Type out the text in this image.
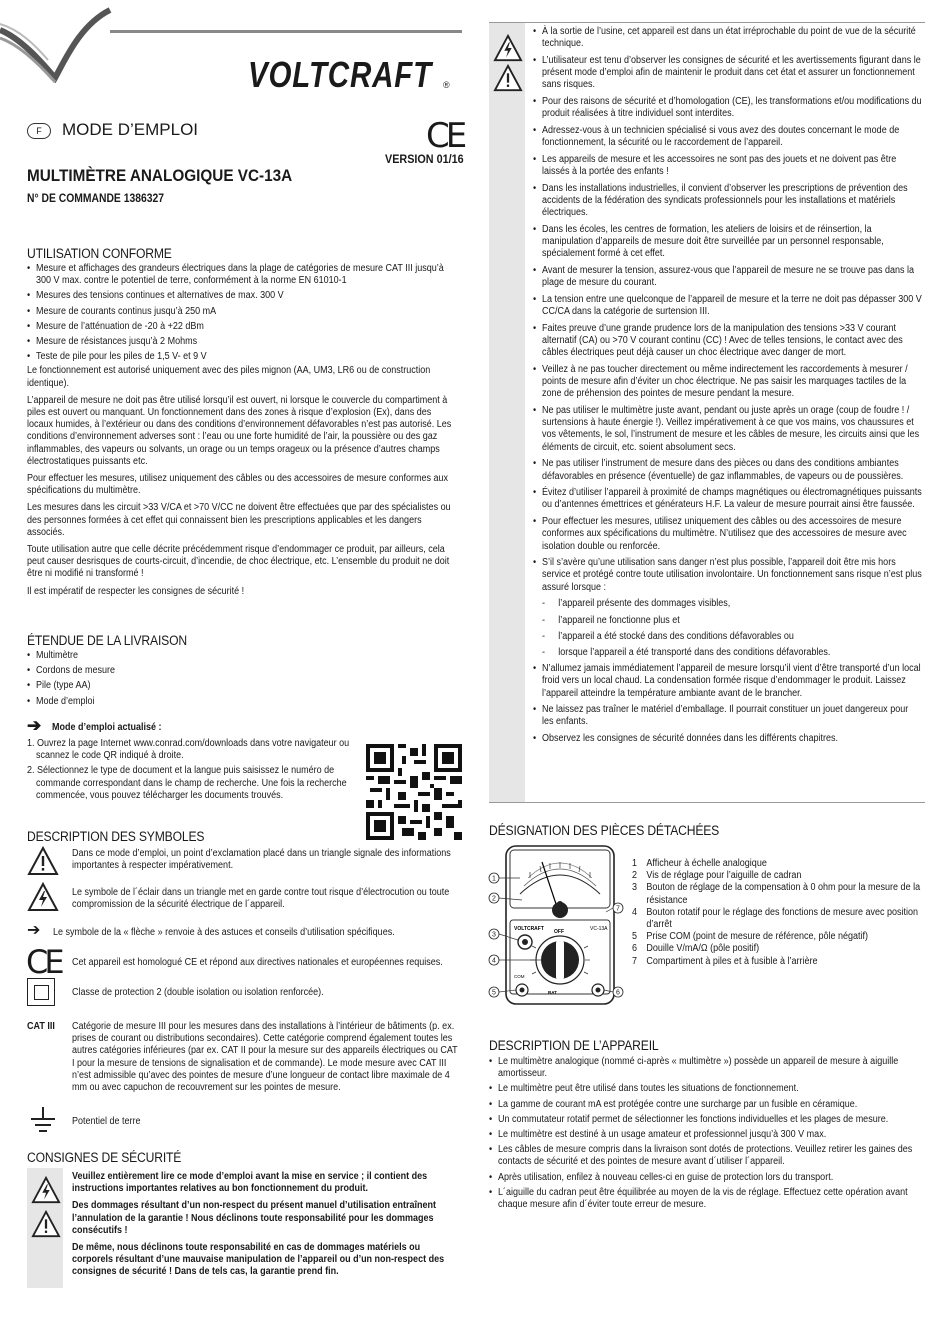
VOLTCRAFT ®
F	MODE D’EMPLOI	CE
VERSION 01/16
MULTIMÈTRE ANALOGIQUE VC-13A
N° DE COMMANDE 1386327
UTILISATION CONFORME
• Mesure et affichages des grandeurs électriques dans la plage de catégories de mesure CAT III jusqu’à 300 V max. contre le potentiel de terre, conformément à la norme EN 61010-1
• Mesures des tensions continues et alternatives de max. 300 V
• Mesure de courants continus jusqu’à 250 mA
• Mesure de l’atténuation de -20 à +22 dBm
• Mesure de résistances jusqu’à 2 Mohms
• Teste de pile pour les piles de 1,5 V- et 9 V

Le fonctionnement est autorisé uniquement avec des piles mignon (AA, UM3, LR6 ou de construction identique).

L’appareil de mesure ne doit pas être utilisé lorsqu’il est ouvert, ni lorsque le couvercle du compartiment à piles est ouvert ou manquant. Un fonctionnement dans des zones à risque d’explosion (Ex), dans des locaux humides, à l’extérieur ou dans des conditions d’environnement défavorables n’est pas autorisé. Les conditions d’environnement adverses sont : l’eau ou une forte humidité de l’air, la poussière ou des gaz inflammables, des vapeurs ou solvants, un orage ou un temps orageux ou la présence d’autres champs électrostatiques puissants etc.

Pour effectuer les mesures, utilisez uniquement des câbles ou des accessoires de mesure conformes aux spécifications du multimètre.

Les mesures dans les circuit >33 V/CA et >70 V/CC ne doivent être effectuées que par des spécialistes ou des personnes formées à cet effet qui connaissent bien les prescriptions applicables et les dangers associés.

Toute utilisation autre que celle décrite précédemment risque d’endommager ce produit, par ailleurs, cela peut causer desrisques de courts-circuit, d’incendie, de choc électrique, etc. L’ensemble du produit ne doit être ni modifié ni transformé !

Il est impératif de respecter les consignes de sécurité !

ÉTENDUE DE LA LIVRAISON
• Multimètre
• Cordons de mesure
• Pile (type AA)
• Mode d’emploi
➔ Mode d’emploi actualisé :

1. Ouvrez la page Internet www.conrad.com/downloads dans votre navigateur ou scannez le code QR indiqué à droite.

2. Sélectionnez le type de document et la langue puis saisissez le numéro de commande correspondant dans le champ de recherche. Une fois la recherche commencée, vous pouvez télécharger les documents trouvés.

DESCRIPTION DES SYMBOLES

Dans ce mode d’emploi, un point d’exclamation placé dans un triangle signale des informations importantes à respecter impérativement.

Le symbole de l´éclair dans un triangle met en garde contre tout risque d’électrocution ou toute compromission de la sécurité électrique de l´appareil.

➔ Le symbole de la « flèche » renvoie à des astuces et conseils d’utilisation spécifiques.

CE Cet appareil est homologué CE et répond aux directives nationales et européennes requises.

Classe de protection 2 (double isolation ou isolation renforcée).

CAT III	Catégorie de mesure III pour les mesures dans des installations à l’intérieur de bâtiments (p. ex. prises de courant ou distributions secondaires). Cette catégorie comprend également toutes les autres catégories inférieures (par ex. CAT II pour la mesure sur des appareils électriques ou CAT I pour la mesure de tensions de signalisation et de commande). Le mode mesure avec CAT III n’est admissible qu’avec des pointes de mesure d’une longueur de contact libre maximale de 4 mm ou avec capuchon de recouvrement sur les pointes de mesure.

Potentiel de terre

CONSIGNES DE SÉCURITÉ

Veuillez entièrement lire ce mode d’emploi avant la mise en service ; il contient des instructions importantes relatives au bon fonctionnement du produit.

Des dommages résultant d’un non-respect du présent manuel d’utilisation entraînent l’annulation de la garantie ! Nous déclinons toute responsabilité pour les dommages consécutifs !

De même, nous déclinons toute responsabilité en cas de dommages matériels ou corporels résultant d’une mauvaise manipulation de l’appareil ou d’un non-respect des consignes de sécurité ! Dans de tels cas, la garantie prend fin.

• À la sortie de l’usine, cet appareil est dans un état irréprochable du point de vue de la sécurité technique.
• L’utilisateur est tenu d’observer les consignes de sécurité et les avertissements figurant dans le présent mode d’emploi afin de maintenir le produit dans cet état et assurer un fonctionnement sans risques.
• Pour des raisons de sécurité et d’homologation (CE), les transformations et/ou modifications du produit réalisées à titre individuel sont interdites.
• Adressez-vous à un technicien spécialisé si vous avez des doutes concernant le mode de fonctionnement, la sécurité ou le raccordement de l’appareil.
• Les appareils de mesure et les accessoires ne sont pas des jouets et ne doivent pas être laissés à la portée des enfants !
• Dans les installations industrielles, il convient d’observer les prescriptions de prévention des accidents de la fédération des syndicats professionnels pour les installations et matériels électriques.
• Dans les écoles, les centres de formation, les ateliers de loisirs et de réinsertion, la manipulation d’appareils de mesure doit être surveillée par un personnel responsable, spécialement formé à cet effet.
• Avant de mesurer la tension, assurez-vous que l’appareil de mesure ne se trouve pas dans la plage de mesure du courant.
• La tension entre une quelconque de l’appareil de mesure et la terre ne doit pas dépasser 300 V CC/CA dans la catégorie de surtension III.
• Faites preuve d’une grande prudence lors de la manipulation des tensions >33 V courant alternatif (CA) ou >70 V courant continu (CC) ! Avec de telles tensions, le contact avec des câbles électriques peut déjà causer un choc électrique avec danger de mort.
• Veillez à ne pas toucher directement ou même indirectement les raccordements à mesurer / points de mesure afin d’éviter un choc électrique. Ne pas saisir les marquages tactiles de la zone de préhension des pointes de mesure pendant la mesure.
• Ne pas utiliser le multimètre juste avant, pendant ou juste après un orage (coup de foudre ! / surtensions à haute énergie !). Veillez impérativement à ce que vos mains, vos chaussures et vos vêtements, le sol, l’instrument de mesure et les câbles de mesure, les circuits ainsi que les éléments de circuit, etc. soient absolument secs.
• Ne pas utiliser l’instrument de mesure dans des pièces ou dans des conditions ambiantes défavorables en présence (éventuelle) de gaz inflammables, de vapeurs ou de poussières.
• Évitez d’utiliser l’appareil à proximité de champs magnétiques ou électromagnétiques puissants ou d’antennes émettrices et générateurs H.F. La valeur de mesure pourrait ainsi être faussée.
• Pour effectuer les mesures, utilisez uniquement des câbles ou des accessoires de mesure conformes aux spécifications du multimètre. N’utilisez que des accessoires de mesure avec isolation double ou renforcée.
• S’il s’avère qu’une utilisation sans danger n’est plus possible, l’appareil doit être mis hors service et protégé contre toute utilisation involontaire. Un fonctionnement sans risque n’est plus assuré lorsque :
- l’appareil présente des dommages visibles,
- l’appareil ne fonctionne plus et
- l’appareil a été stocké dans des conditions défavorables ou
- lorsque l’appareil a été transporté dans des conditions défavorables.
• N’allumez jamais immédiatement l’appareil de mesure lorsqu’il vient d’être transporté d’un local froid vers un local chaud. La condensation formée risque d’endommager le produit. Laissez l’appareil atteindre la température ambiante avant de le brancher.
• Ne laissez pas traîner le matériel d’emballage. Il pourrait constituer un jouet dangereux pour les enfants.
• Observez les consignes de sécurité données dans les différents chapitres.
DÉSIGNATION DES PIÈCES DÉTACHÉES
VOLTCRAFT	VC-13A
OFF
COM
BAT
1
2
3
4
5	6
7
1 Afficheur à échelle analogique
2 Vis de réglage pour l’aiguille de cadran
3 Bouton de réglage de la compensation à 0 ohm pour la mesure de la résistance
4 Bouton rotatif pour le réglage des fonctions de mesure avec position d’arrêt
5 Prise COM (point de mesure de référence, pôle négatif)
6 Douille V/mA/Ω (pôle positif)
7 Compartiment à piles et à fusible à l’arrière
DESCRIPTION DE L’APPAREIL
• Le multimètre analogique (nommé ci-après « multimètre ») possède un appareil de mesure à aiguille amortisseur.
• Le multimètre peut être utilisé dans toutes les situations de fonctionnement.
• La gamme de courant mA est protégée contre une surcharge par un fusible en céramique.
• Un commutateur rotatif permet de sélectionner les fonctions individuelles et les plages de mesure.
• Le multimètre est destiné à un usage amateur et professionnel jusqu’à 300 V max.
• Les câbles de mesure compris dans la livraison sont dotés de protections. Veuillez retirer les gaines des contacts de sécurité et des pointes de mesure avant d´utiliser l´appareil.
• Après utilisation, enfilez à nouveau celles-ci en guise de protection lors du transport.
• L´aiguille du cadran peut être équilibrée au moyen de la vis de réglage. Effectuez cette opération avant chaque mesure afin d´éviter toute erreur de mesure.
